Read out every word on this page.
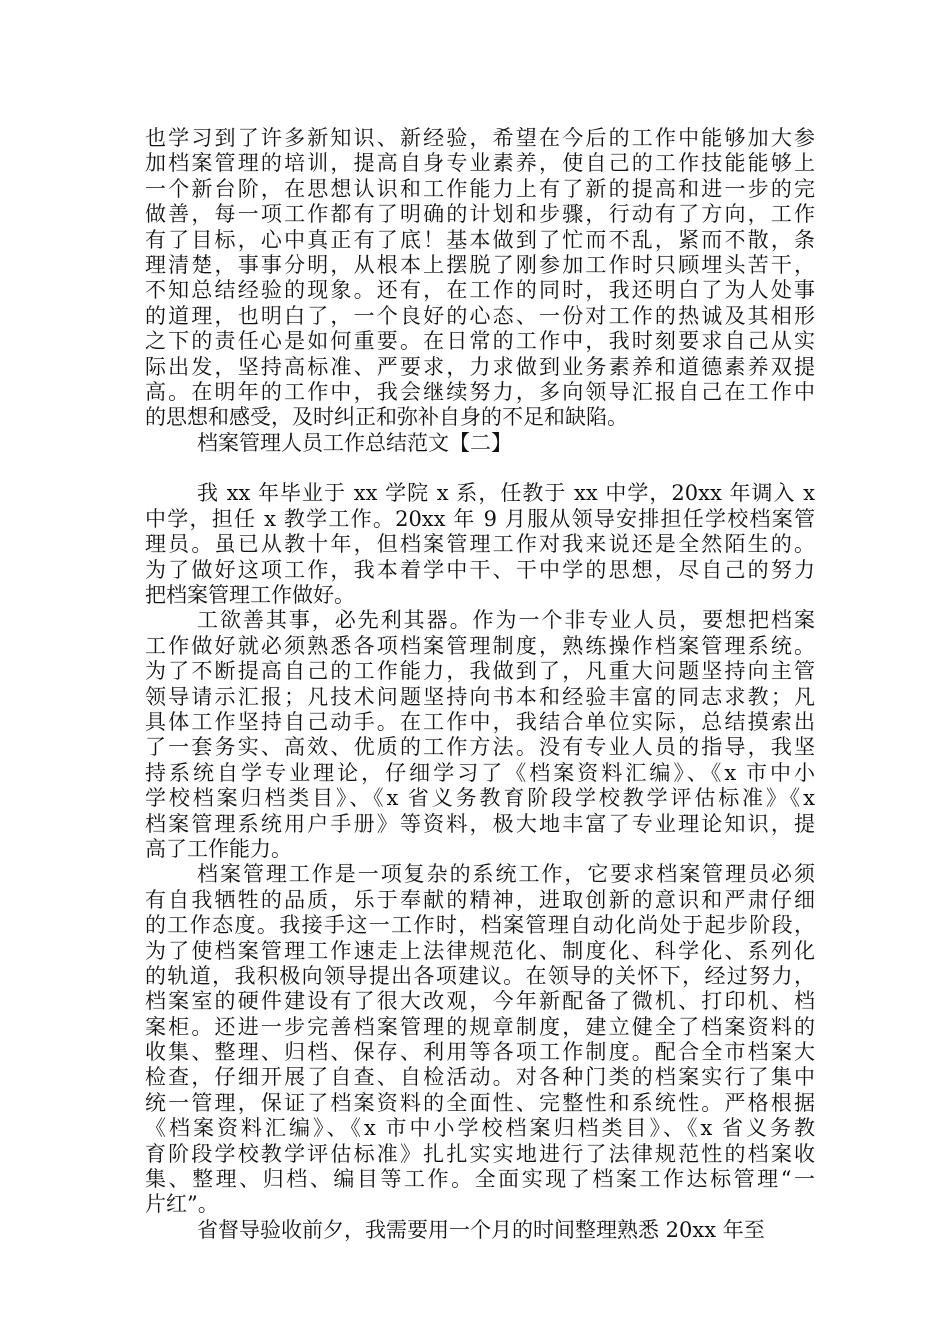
也学习到了许多新知识、新经验，希望在今后的工作中能够加大参
加档案管理的培训，提高自身专业素养，使自己的工作技能能够上
一个新台阶，在思想认识和工作能力上有了新的提高和进一步的完
做善，每一项工作都有了明确的计划和步骤，行动有了方向，工作
有了目标，心中真正有了底！基本做到了忙而不乱，紧而不散，条
理清楚，事事分明，从根本上摆脱了刚参加工作时只顾埋头苦干，
不知总结经验的现象。还有，在工作的同时，我还明白了为人处事
的道理，也明白了，一个良好的心态、一份对工作的热诚及其相形
之下的责任心是如何重要。在日常的工作中，我时刻要求自己从实
际出发，坚持高标准、严要求，力求做到业务素养和道德素养双提
高。在明年的工作中，我会继续努力，多向领导汇报自己在工作中
的思想和感受，及时纠正和弥补自身的不足和缺陷。
档案管理人员工作总结范文【二】
我 xx 年毕业于 xx 学院 x 系，任教于 xx 中学，20xx 年调入 x
中学，担任 x 教学工作。20xx 年 9 月服从领导安排担任学校档案管
理员。虽已从教十年，但档案管理工作对我来说还是全然陌生的。
为了做好这项工作，我本着学中干、干中学的思想，尽自己的努力
把档案管理工作做好。
工欲善其事，必先利其器。作为一个非专业人员，要想把档案
工作做好就必须熟悉各项档案管理制度，熟练操作档案管理系统。
为了不断提高自己的工作能力，我做到了，凡重大问题坚持向主管
领导请示汇报；凡技术问题坚持向书本和经验丰富的同志求教；凡
具体工作坚持自己动手。在工作中，我结合单位实际，总结摸索出
了一套务实、高效、优质的工作方法。没有专业人员的指导，我坚
持系统自学专业理论，仔细学习了《档案资料汇编》、《x 市中小
学校档案归档类目》、《x 省义务教育阶段学校教学评估标准》《x
档案管理系统用户手册》等资料，极大地丰富了专业理论知识，提
高了工作能力。
档案管理工作是一项复杂的系统工作，它要求档案管理员必须
有自我牺牲的品质，乐于奉献的精神，进取创新的意识和严肃仔细
的工作态度。我接手这一工作时，档案管理自动化尚处于起步阶段，
为了使档案管理工作速走上法律规范化、制度化、科学化、系列化
的轨道，我积极向领导提出各项建议。在领导的关怀下，经过努力，
档案室的硬件建设有了很大改观，今年新配备了微机、打印机、档
案柜。还进一步完善档案管理的规章制度，建立健全了档案资料的
收集、整理、归档、保存、利用等各项工作制度。配合全市档案大
检查，仔细开展了自查、自检活动。对各种门类的档案实行了集中
统一管理，保证了档案资料的全面性、完整性和系统性。严格根据
《档案资料汇编》、《x 市中小学校档案归档类目》、《x 省义务教
育阶段学校教学评估标准》扎扎实实地进行了法律规范性的档案收
集、整理、归档、编目等工作。全面实现了档案工作达标管理“一
片红”。
省督导验收前夕，我需要用一个月的时间整理熟悉 20xx 年至
